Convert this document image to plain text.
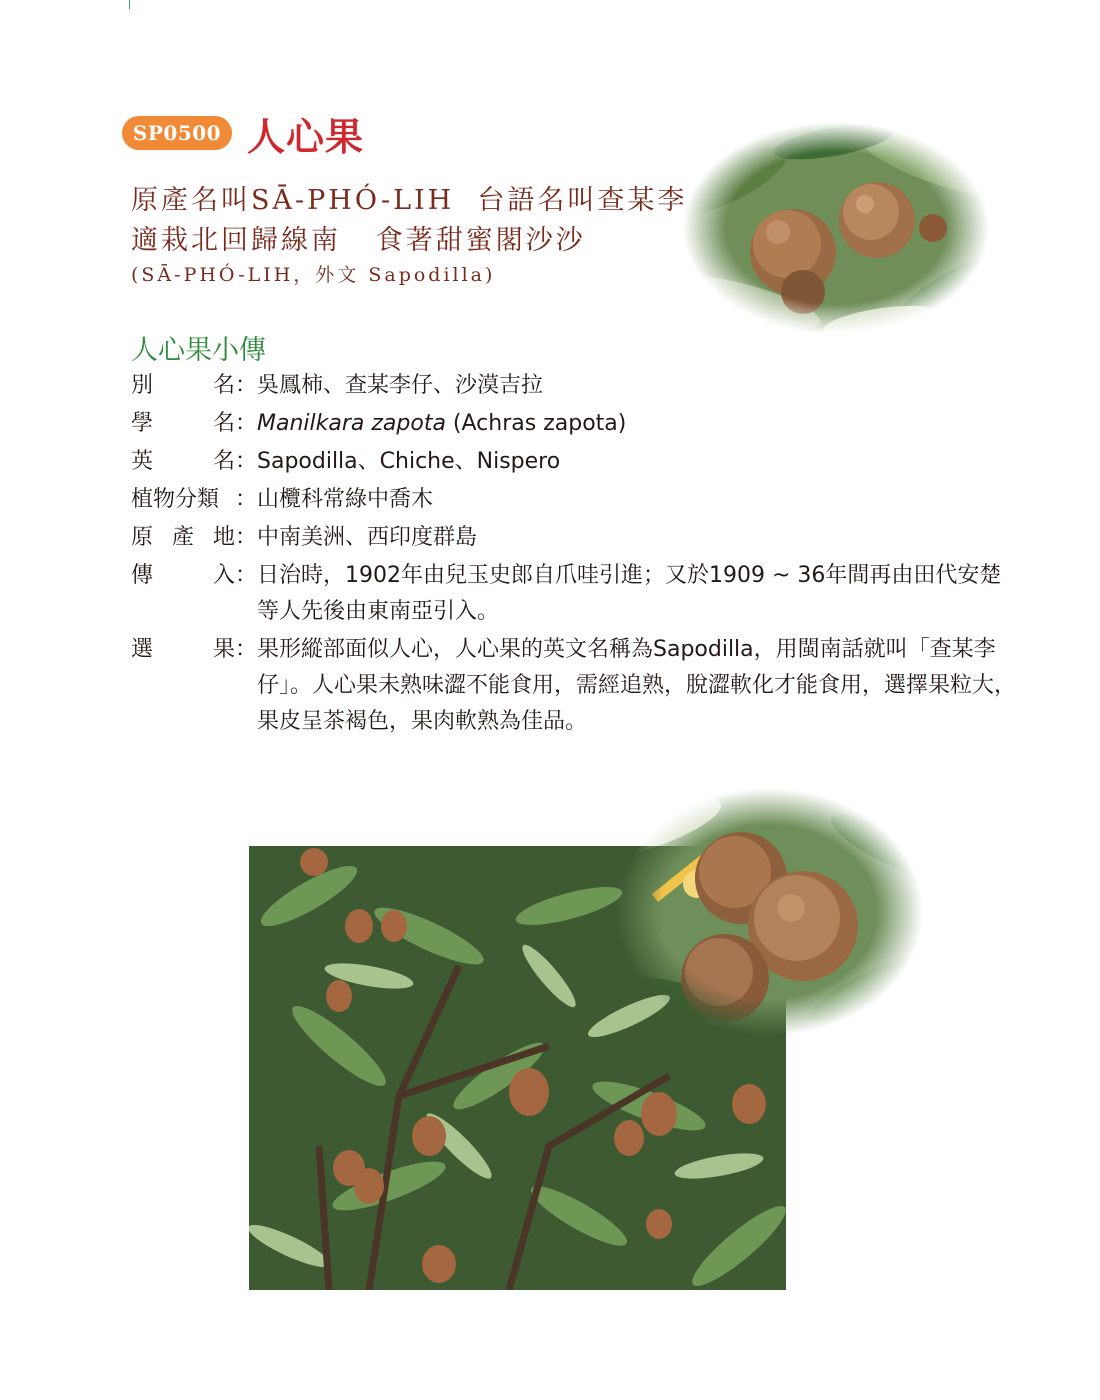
SP0500 人心果
原產名叫SĀ-PHÓ-LIH  台語名叫查某李
適栽北回歸線南   食著甜蜜閣沙沙
(SĀ-PHÓ-LIH，外文 Sapodilla)
人心果小傳
別	名 ： 吳鳳柿、查某李仔、沙漠吉拉
學	名 ： Manilkara zapota (Achras zapota)
英	名 ： Sapodilla、Chiche、Nispero
植物分類 ： 山欖科常綠中喬木
原 產 地 ： 中南美洲、西印度群島
傳	入 ： 日治時，1902年由兒玉史郎自爪哇引進；又於1909 ~ 36年間再由田代安楚等人先後由東南亞引入。
選	果 ： 果形縱部面似人心，人心果的英文名稱為Sapodilla，用閩南話就叫「查某李仔」。人心果未熟味澀不能食用，需經追熟，脫澀軟化才能食用，選擇果粒大，果皮呈茶褐色，果肉軟熟為佳品。
